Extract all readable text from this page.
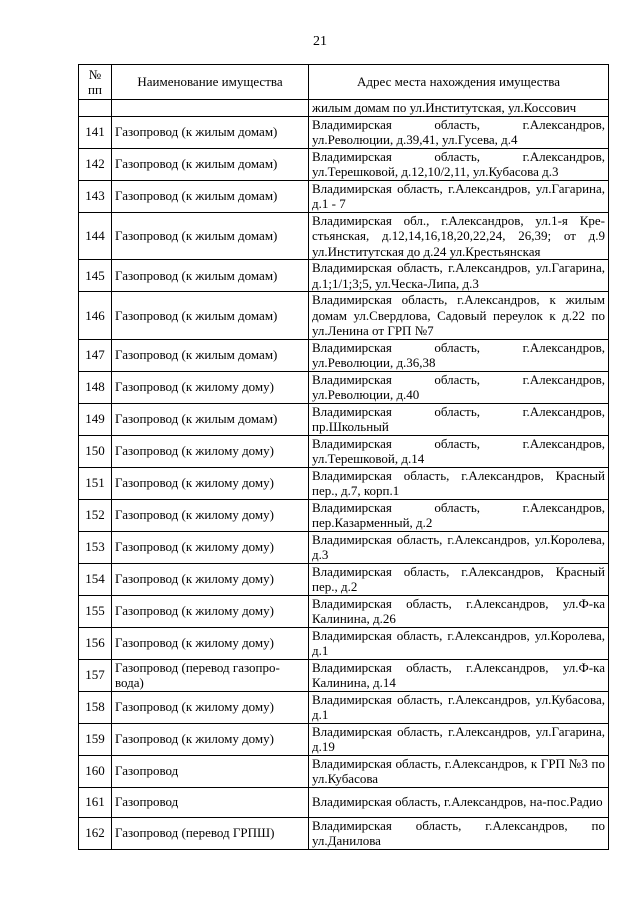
21
№ пп	Наименование имущества	Адрес места нахождения имущества
		жилым домам по ул.Институтская, ул.Коссович
141	Газопровод (к жилым домам)	Владимирская область, г.Александров, ул.Революции, д.39,41, ул.Гусева, д.4
142	Газопровод (к жилым домам)	Владимирская область, г.Александров, ул.Терешковой, д.12,10/2,11, ул.Кубасова д.3
143	Газопровод (к жилым домам)	Владимирская область, г.Александров, ул.Гагарина, д.1 - 7
144	Газопровод (к жилым домам)	Владимирская обл., г.Александров, ул.1-я Кре-стьянская, д.12,14,16,18,20,22,24, 26,39; от д.9 ул.Институтская до д.24 ул.Крестьянская
145	Газопровод (к жилым домам)	Владимирская область, г.Александров, ул.Гагарина, д.1;1/1;3;5, ул.Ческа-Липа, д.3
146	Газопровод (к жилым домам)	Владимирская область, г.Александров, к жилым домам ул.Свердлова, Садовый переулок к д.22 по ул.Ленина от ГРП №7
147	Газопровод (к жилым домам)	Владимирская область, г.Александров, ул.Революции, д.36,38
148	Газопровод (к жилому дому)	Владимирская область, г.Александров, ул.Революции, д.40
149	Газопровод (к жилым домам)	Владимирская область, г.Александров, пр.Школьный
150	Газопровод (к жилому дому)	Владимирская область, г.Александров, ул.Терешковой, д.14
151	Газопровод (к жилому дому)	Владимирская область, г.Александров, Красный пер., д.7, корп.1
152	Газопровод (к жилому дому)	Владимирская область, г.Александров, пер.Казарменный, д.2
153	Газопровод (к жилому дому)	Владимирская область, г.Александров, ул.Королева, д.3
154	Газопровод (к жилому дому)	Владимирская область, г.Александров, Красный пер., д.2
155	Газопровод (к жилому дому)	Владимирская область, г.Александров, ул.Ф-ка Калинина, д.26
156	Газопровод (к жилому дому)	Владимирская область, г.Александров, ул.Королева, д.1
157	Газопровод (перевод газопро-вода)	Владимирская область, г.Александров, ул.Ф-ка Калинина, д.14
158	Газопровод (к жилому дому)	Владимирская область, г.Александров, ул.Кубасова, д.1
159	Газопровод (к жилому дому)	Владимирская область, г.Александров, ул.Гагарина, д.19
160	Газопровод	Владимирская область, г.Александров, к ГРП №3 по ул.Кубасова
161	Газопровод	Владимирская область, г.Александров, на-пос.Радио
162	Газопровод (перевод ГРПШ)	Владимирская область, г.Александров, по ул.Данилова
